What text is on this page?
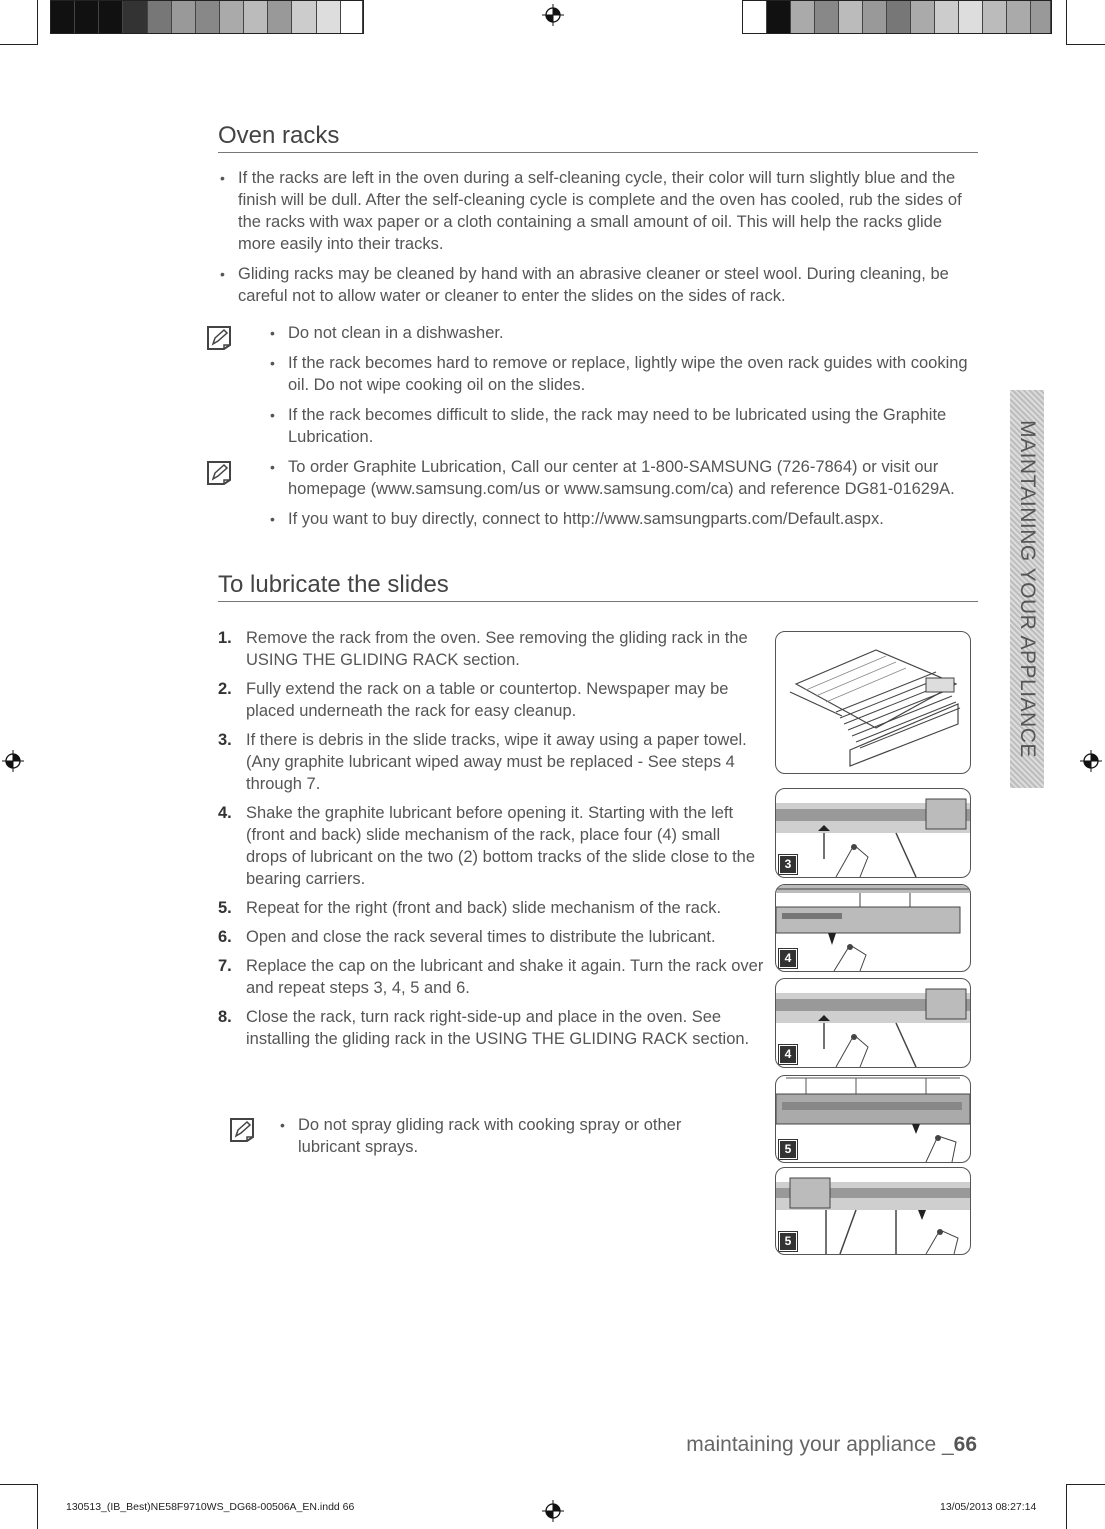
Oven racks
• If the racks are left in the oven during a self-cleaning cycle, their color will turn slightly blue and the finish will be dull. After the self-cleaning cycle is complete and the oven has cooled, rub the sides of the racks with wax paper or a cloth containing a small amount of oil. This will help the racks glide more easily into their tracks.
• Gliding racks may be cleaned by hand with an abrasive cleaner or steel wool. During cleaning, be careful not to allow water or cleaner to enter the slides on the sides of rack.
• Do not clean in a dishwasher.
• If the rack becomes hard to remove or replace, lightly wipe the oven rack guides with cooking oil. Do not wipe cooking oil on the slides.
• If the rack becomes difficult to slide, the rack may need to be lubricated using the Graphite Lubrication.
• To order Graphite Lubrication, Call our center at 1-800-SAMSUNG (726-7864) or visit our homepage (www.samsung.com/us or www.samsung.com/ca) and reference DG81-01629A.
• If you want to buy directly, connect to http://www.samsungparts.com/Default.aspx.
To lubricate the slides
1. Remove the rack from the oven. See removing the gliding rack in the USING THE GLIDING RACK section.
2. Fully extend the rack on a table or countertop. Newspaper may be placed underneath the rack for easy cleanup.
3. If there is debris in the slide tracks, wipe it away using a paper towel.(Any graphite lubricant wiped away must be replaced - See steps 4 through 7.
4. Shake the graphite lubricant before opening it. Starting with the left (front and back) slide mechanism of the rack, place four (4) small drops of lubricant on the two (2) bottom tracks of the slide close to the bearing carriers.
5. Repeat for the right (front and back) slide mechanism of the rack.
6. Open and close the rack several times to distribute the lubricant.
7. Replace the cap on the lubricant and shake it again. Turn the rack over and repeat steps 3, 4, 5 and 6.
8. Close the rack, turn rack right-side-up and place in the oven. See installing the gliding rack in the USING THE GLIDING RACK section.
• Do not spray gliding rack with cooking spray or other lubricant sprays.
3
4
4
5
5
MAINTAINING YOUR APPLIANCE
maintaining your appliance _66
130513_(IB_Best)NE58F9710WS_DG68-00506A_EN.indd 66	13/05/2013 08:27:14
